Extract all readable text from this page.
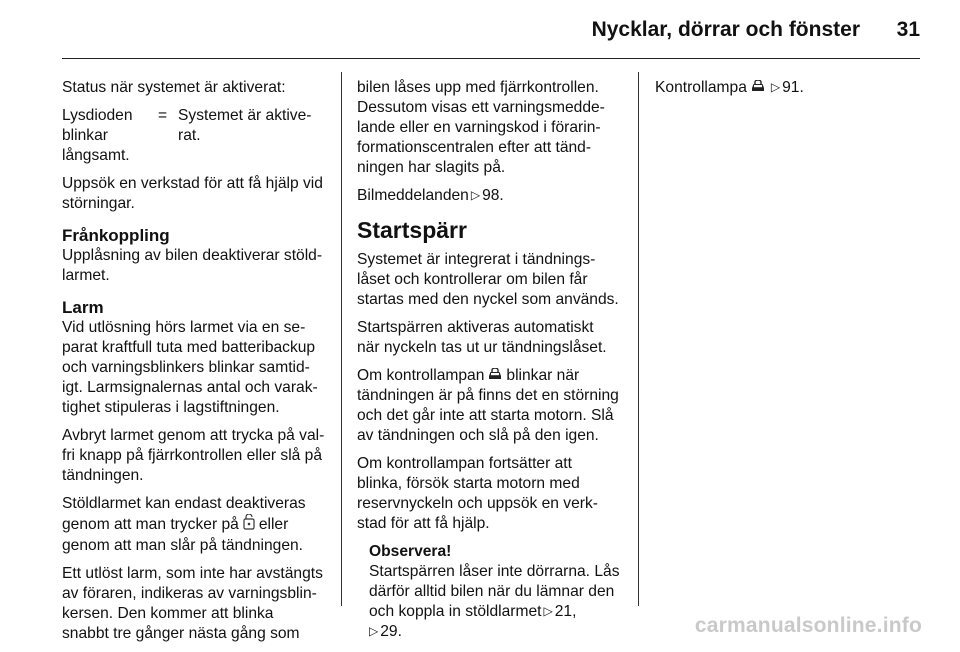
Nycklar, dörrar och fönster	31

Status när systemet är aktiverat:

Lysdioden
blinkar
långsamt.
= Systemet är aktive-
rat.

Uppsök en verkstad för att få hjälp vid
störningar.

Frånkoppling

Upplåsning av bilen deaktiverar stöld-
larmet.

Larm

Vid utlösning hörs larmet via en se-
parat kraftfull tuta med batteribackup
och varningsblinkers blinkar samtid-
igt. Larmsignalernas antal och varak-
tighet stipuleras i lagstiftningen.

Avbryt larmet genom att trycka på val-
fri knapp på fjärrkontrollen eller slå på
tändningen.

Stöldlarmet kan endast deaktiveras
genom att man trycker på eller
genom att man slår på tändningen.

Ett utlöst larm, som inte har avstängts
av föraren, indikeras av varningsblin-
kersen. Den kommer att blinka
snabbt tre gånger nästa gång som

bilen låses upp med fjärrkontrollen.
Dessutom visas ett varningsmedde-
lande eller en varningskod i förarin-
formationscentralen efter att tänd-
ningen har slagits på.

Bilmeddelanden ▷ 98.

Startspärr

Systemet är integrerat i tändnings-
låset och kontrollerar om bilen får
startas med den nyckel som används.

Startspärren aktiveras automatiskt
när nyckeln tas ut ur tändningslåset.

Om kontrollampan blinkar när
tändningen är på finns det en störning
och det går inte att starta motorn. Slå
av tändningen och slå på den igen.

Om kontrollampan fortsätter att
blinka, försök starta motorn med
reservnyckeln och uppsök en verk-
stad för att få hjälp.

Observera!
Startspärren låser inte dörrarna. Lås
därför alltid bilen när du lämnar den
och koppla in stöldlarmet ▷ 21,
▷ 29.

Kontrollampa ▷ 91.

carmanualsonline.info
